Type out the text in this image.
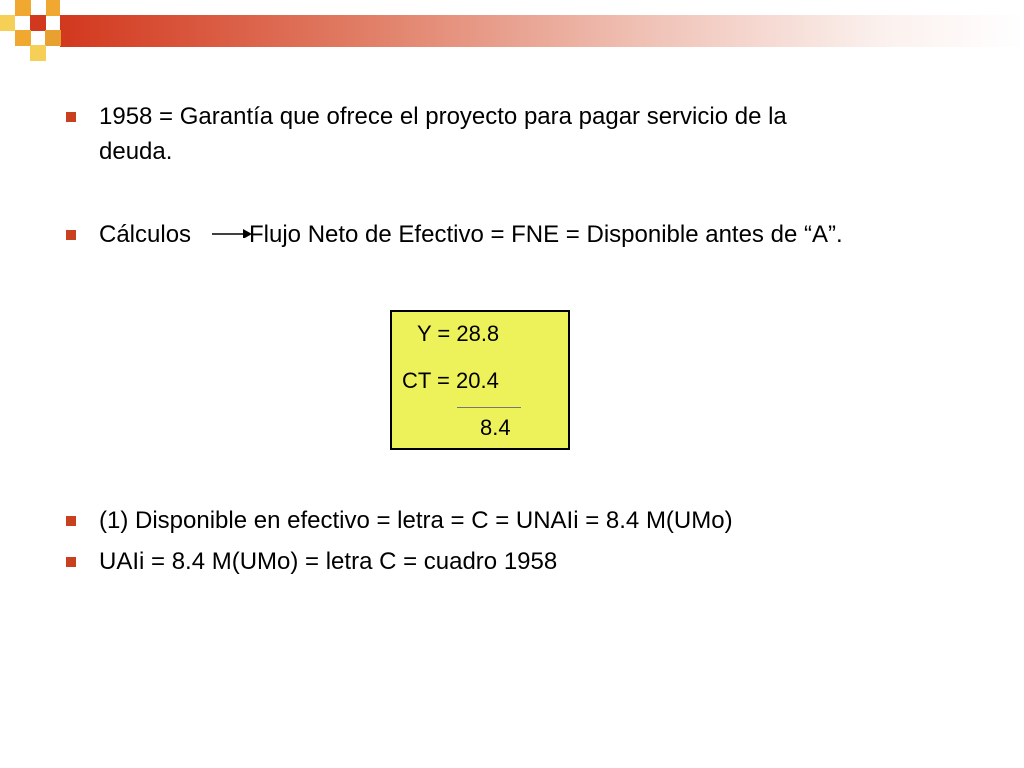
1958 = Garantía que ofrece el proyecto para pagar servicio de la
deuda.
Cálculos Flujo Neto de Efectivo = FNE = Disponible antes de “A”.
Y = 28.8
CT = 20.4
8.4
(1) Disponible en efectivo = letra = C = UNAIi = 8.4 M(UMo)
UAIi = 8.4 M(UMo) = letra C = cuadro 1958
